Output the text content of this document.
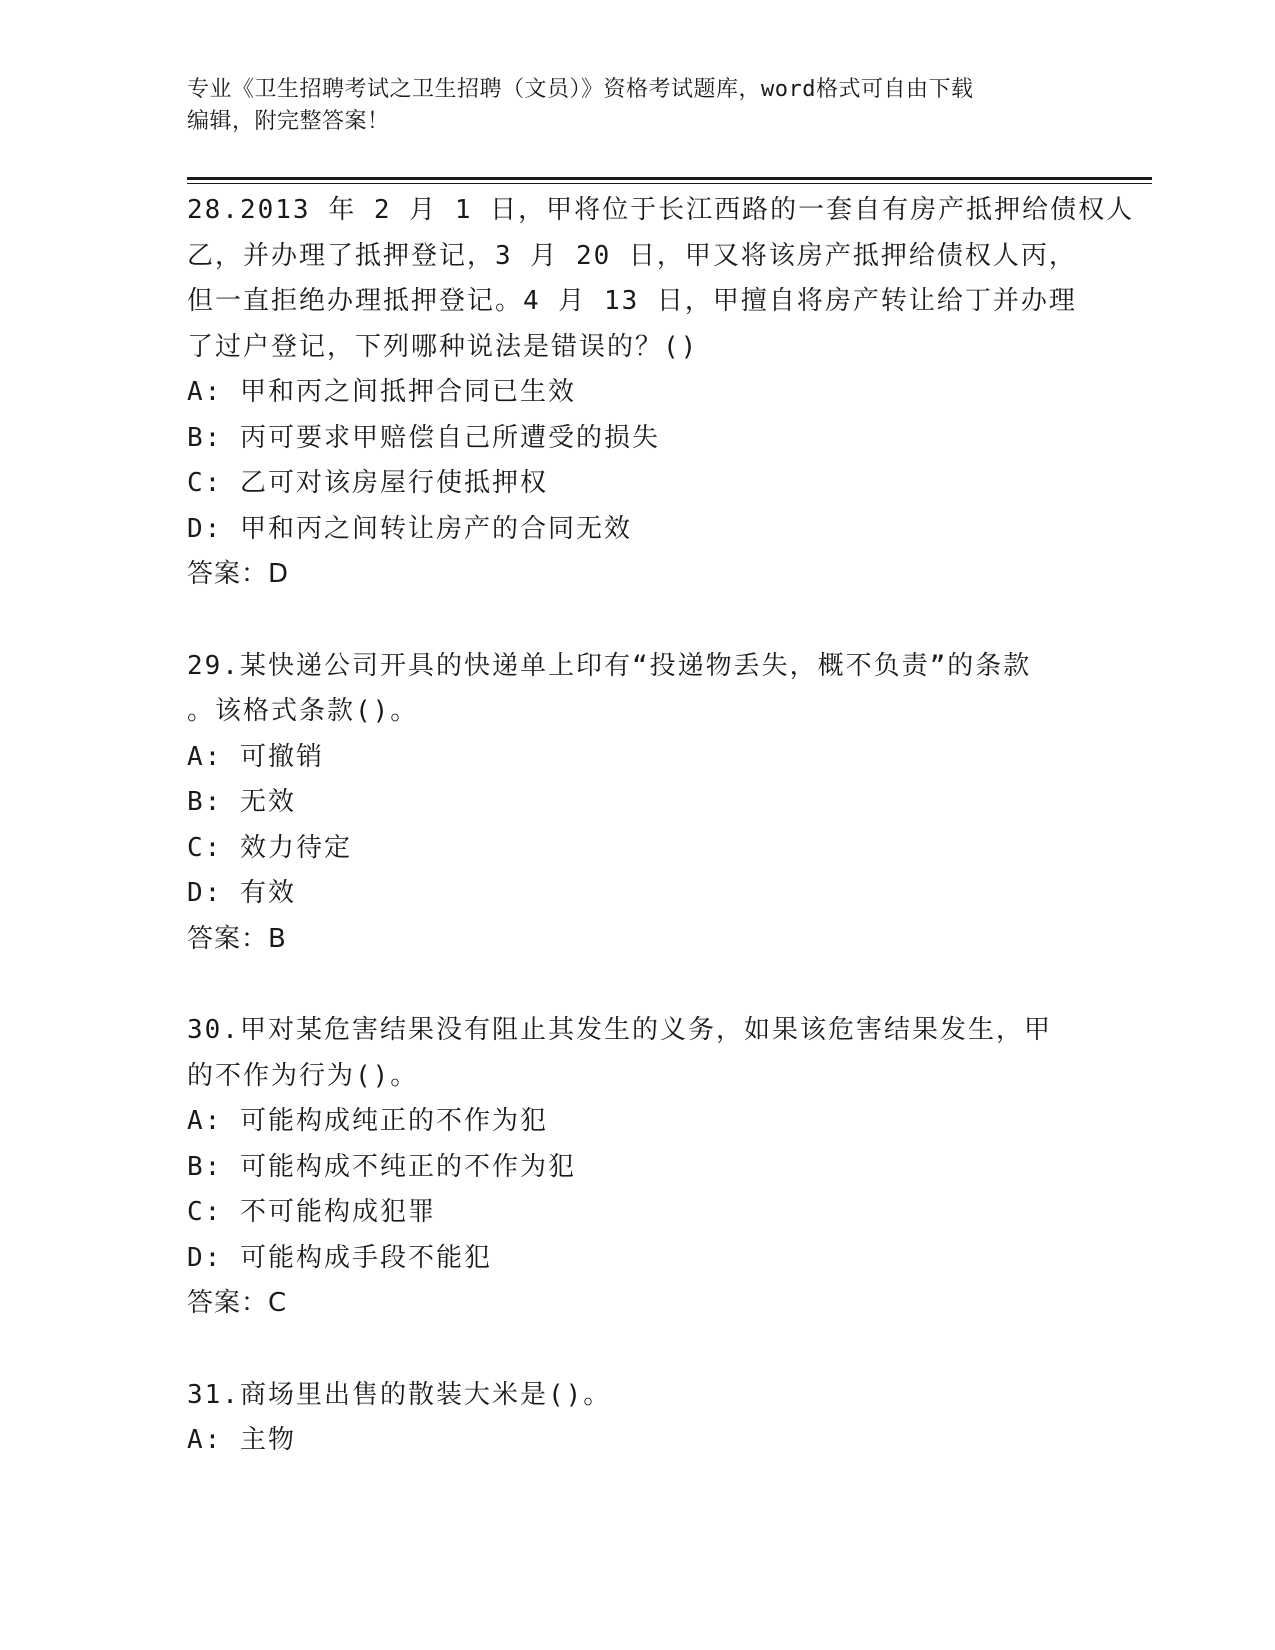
专业《卫生招聘考试之卫生招聘（文员）》资格考试题库，word格式可自由下载
编辑，附完整答案！
28.2013 年 2 月 1 日，甲将位于长江西路的一套自有房产抵押给债权人
乙，并办理了抵押登记，3 月 20 日，甲又将该房产抵押给债权人丙，
但一直拒绝办理抵押登记。4 月 13 日，甲擅自将房产转让给丁并办理
了过户登记，下列哪种说法是错误的？()
A: 甲和丙之间抵押合同已生效
B: 丙可要求甲赔偿自己所遭受的损失
C: 乙可对该房屋行使抵押权
D: 甲和丙之间转让房产的合同无效
答案：D
29.某快递公司开具的快递单上印有“投递物丢失，概不负责”的条款
。该格式条款()。
A: 可撤销
B: 无效
C: 效力待定
D: 有效
答案：B
30.甲对某危害结果没有阻止其发生的义务，如果该危害结果发生，甲
的不作为行为()。
A: 可能构成纯正的不作为犯
B: 可能构成不纯正的不作为犯
C: 不可能构成犯罪
D: 可能构成手段不能犯
答案：C
31.商场里出售的散装大米是()。
A: 主物
